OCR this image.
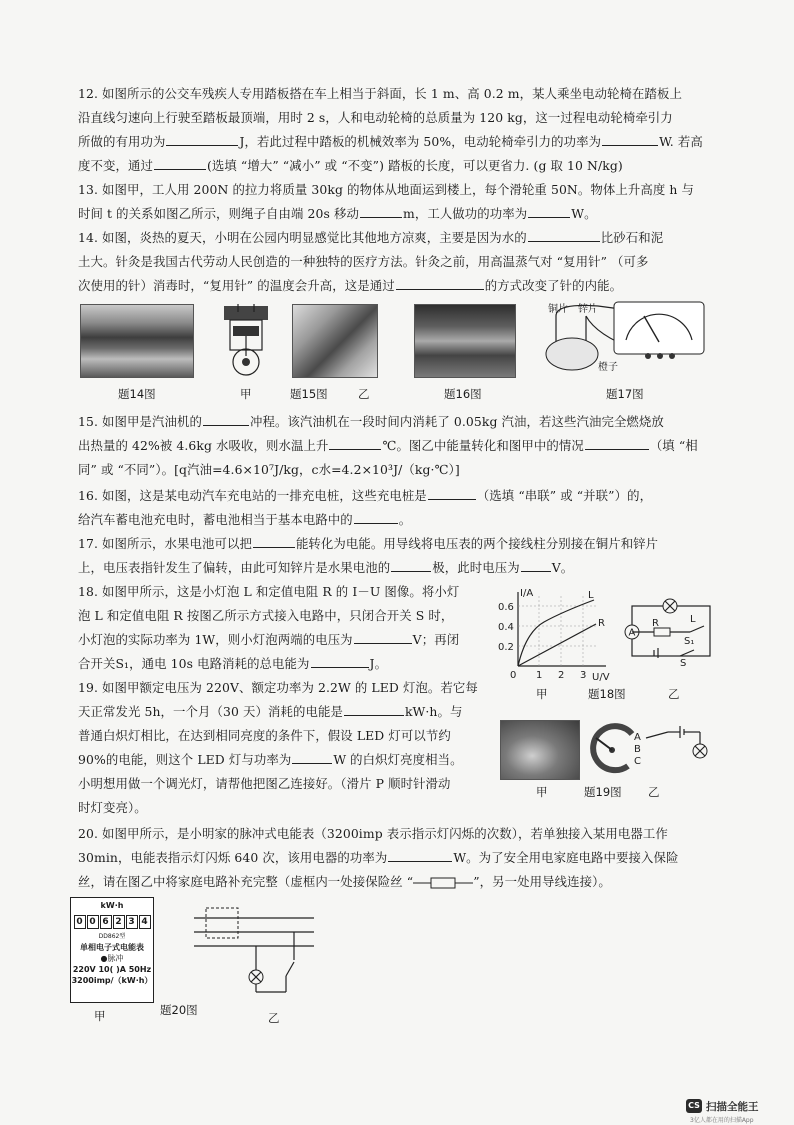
12. 如图所示的公交车残疾人专用踏板搭在车上相当于斜面，长 1 m、高 0.2 m，某人乘坐电动轮椅在踏板上

沿直线匀速向上行驶至踏板最顶端，用时 2 s，人和电动轮椅的总质量为 120 kg，这一过程电动轮椅牵引力

所做的有用功为	J，若此过程中踏板的机械效率为 50%，电动轮椅牵引力的功率为	W. 若高

度不变，通过	(选填 “增大” “减小” 或 “不变”) 踏板的长度，可以更省力. (g 取 10 N/kg)

13. 如图甲，工人用 200N 的拉力将质量 30kg 的物体从地面运到楼上，每个滑轮重 50N。物体上升高度 h 与

时间 t 的关系如图乙所示，则绳子自由端 20s 移动	m，工人做功的功率为	W。

14. 如图，炎热的夏天，小明在公园内明显感觉比其他地方凉爽，主要是因为水的	比砂石和泥

土大。针灸是我国古代劳动人民创造的一种独特的医疗方法。针灸之前，用高温蒸气对 “复用针” （可多

次使用的针）消毒时，“复用针” 的温度会升高，这是通过	的方式改变了针的内能。

铜片 锌片
橙子
题14图	甲	题15图	乙	题16图	题17图

15. 如图甲是汽油机的	冲程。该汽油机在一段时间内消耗了 0.05kg 汽油，若这些汽油完全燃烧放

出热量的 42%被 4.6kg 水吸收，则水温上升	℃。图乙中能量转化和图甲中的情况	（填 “相

同” 或 “不同”）。[q汽油=4.6×10⁷J/kg，c水=4.2×10³J/（kg·℃）]

16. 如图，这是某电动汽车充电站的一排充电桩，这些充电桩是	（选填 “串联” 或 “并联”）的，

给汽车蓄电池充电时，蓄电池相当于基本电路中的	。

17. 如图所示，水果电池可以把	能转化为电能。用导线将电压表的两个接线柱分别接在铜片和锌片

上，电压表指针发生了偏转，由此可知锌片是水果电池的	极，此时电压为	V。

18. 如图甲所示，这是小灯泡 L 和定值电阻 R 的 I－U 图像。将小灯

泡 L 和定值电阻 R 按图乙所示方式接入电路中，只闭合开关 S 时，

小灯泡的实际功率为 1W，则小灯泡两端的电压为	V；再闭

合开关S₁，通电 10s 电路消耗的总电能为	J。

I/A
U/V
0.6
0.4
0.2
0 1 2 3
L
R
A
R	L
S₁
S
甲	题18图	乙

19. 如图甲额定电压为 220V、额定功率为 2.2W 的 LED 灯泡。若它每

天正常发光 5h，一个月（30 天）消耗的电能是	kW·h。与

普通白炽灯相比，在达到相同亮度的条件下，假设 LED 灯可以节约

90%的电能，则这个 LED 灯与功率为	W 的白炽灯亮度相当。

小明想用做一个调光灯，请帮他把图乙连接好。（滑片 P 顺时针滑动

时灯变亮）。

A
B
C
甲	题19图 乙

20. 如图甲所示，是小明家的脉冲式电能表（3200imp 表示指示灯闪烁的次数），若单独接入某用电器工作

30min，电能表指示灯闪烁 640 次，该用电器的功率为	W。为了安全用电家庭电路中要接入保险

丝，请在图乙中将家庭电路补充完整（虚框内一处接保险丝 “	”，另一处用导线连接）。

kW·h
0 0 6 2 3 4
DD862型
单相电子式电能表
●脉冲
220V 10( )A 50Hz
3200imp/（kW·h）
甲	题20图
乙
CS 扫描全能王
3亿人都在用的扫描App
